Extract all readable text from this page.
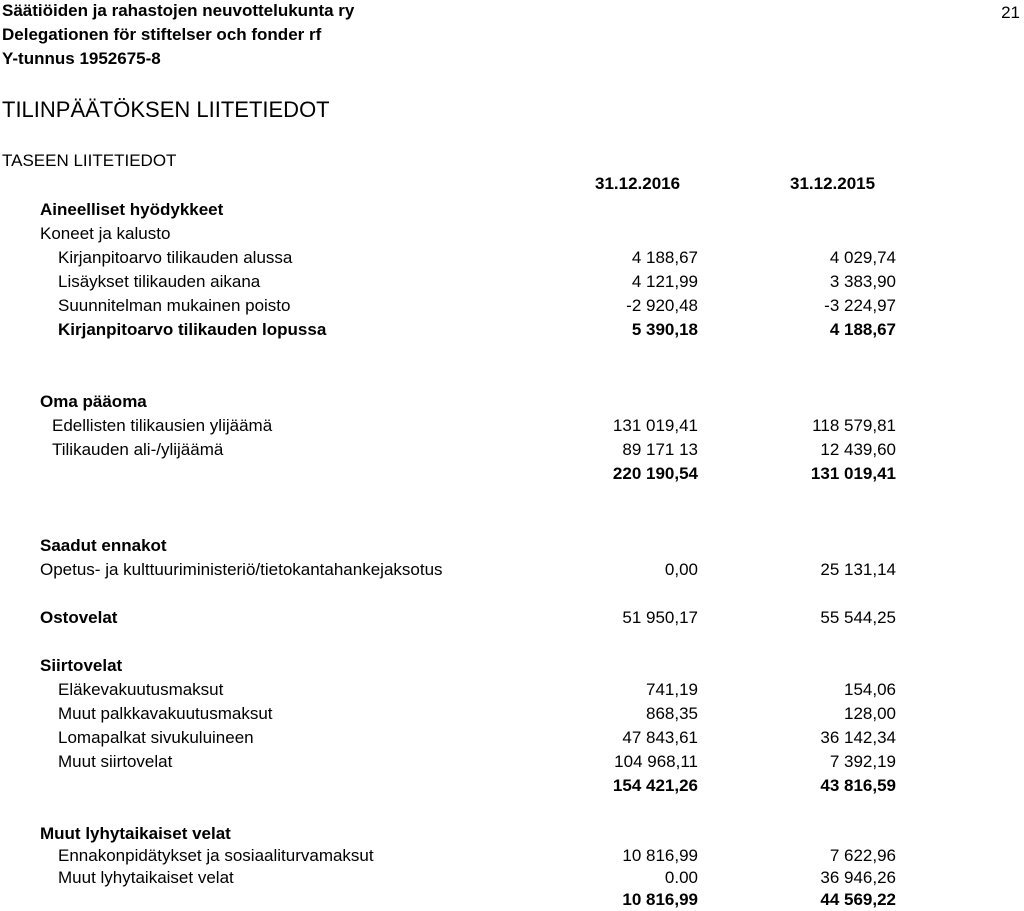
Säätiöiden ja rahastojen neuvottelukunta ry
Delegationen för stiftelser och fonder rf
Y-tunnus 1952675-8
21
TILINPÄÄTÖKSEN LIITETIEDOT
TASEEN LIITETIEDOT
31.12.2016	31.12.2015
Aineelliset hyödykkeet
Koneet ja kalusto
Kirjanpitoarvo tilikauden alussa	4 188,67	4 029,74
Lisäykset tilikauden aikana	4 121,99	3 383,90
Suunnitelman mukainen poisto	-2 920,48	-3 224,97
Kirjanpitoarvo tilikauden lopussa	5 390,18	4 188,67
Oma pääoma
Edellisten tilikausien ylijäämä	131 019,41	118 579,81
Tilikauden ali-/ylijäämä	89 171 13	12 439,60
220 190,54	131 019,41
Saadut ennakot
Opetus- ja kulttuuriministeriö/tietokantahankejaksotus	0,00	25 131,14
Ostovelat	51 950,17	55 544,25
Siirtovelat
Eläkevakuutusmaksut	741,19	154,06
Muut palkkavakuutusmaksut	868,35	128,00
Lomapalkat sivukuluineen	47 843,61	36 142,34
Muut siirtovelat	104 968,11	7 392,19
154 421,26	43 816,59
Muut lyhytaikaiset velat
Ennakonpidätykset ja sosiaaliturvamaksut	10 816,99	7 622,96
Muut lyhytaikaiset velat	0.00	36 946,26
10 816,99	44 569,22
